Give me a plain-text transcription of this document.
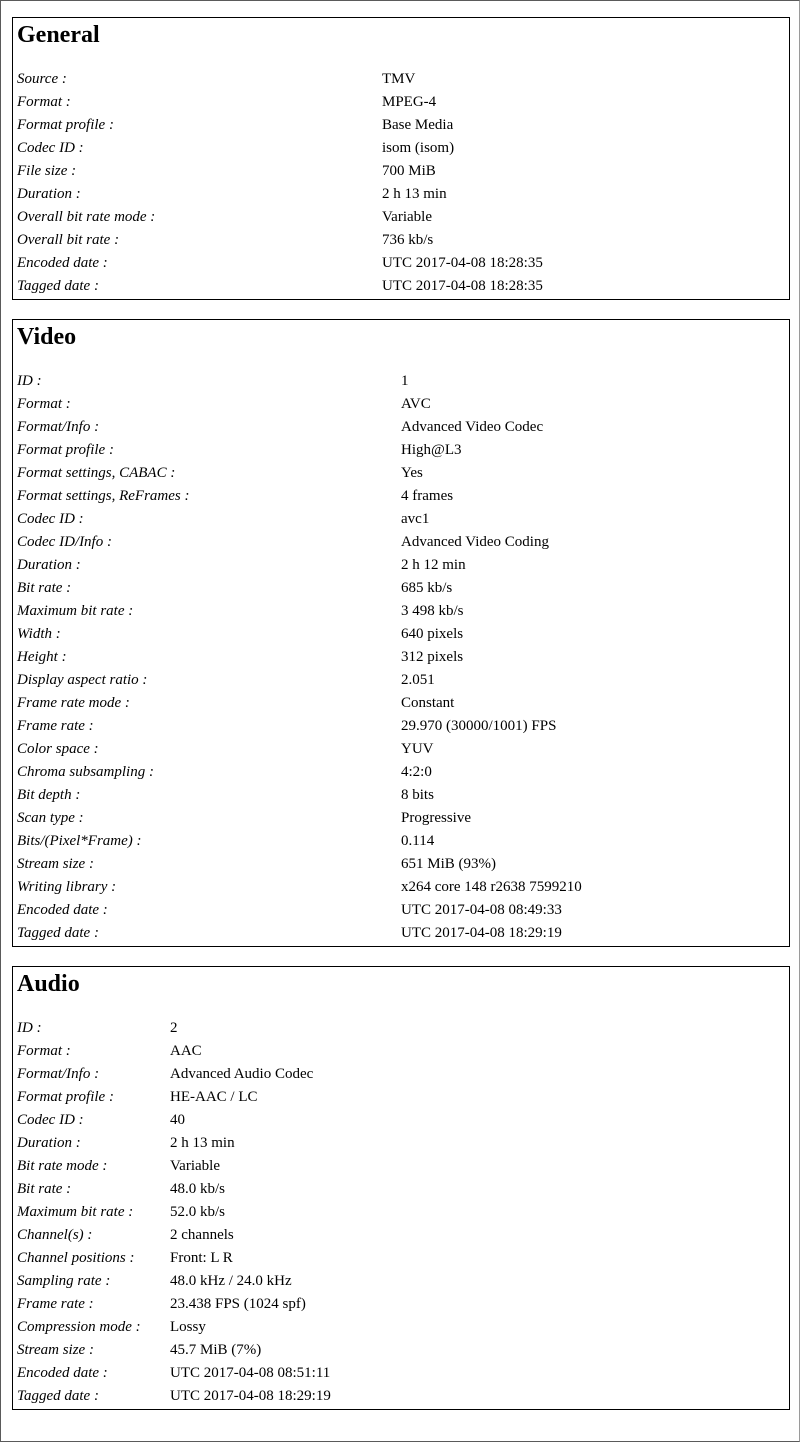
General
Source :	TMV
Format :	MPEG-4
Format profile :	Base Media
Codec ID :	isom (isom)
File size :	700 MiB
Duration :	2 h 13 min
Overall bit rate mode :	Variable
Overall bit rate :	736 kb/s
Encoded date :	UTC 2017-04-08 18:28:35
Tagged date :	UTC 2017-04-08 18:28:35
Video
ID :	1
Format :	AVC
Format/Info :	Advanced Video Codec
Format profile :	High@L3
Format settings, CABAC :	Yes
Format settings, ReFrames :	4 frames
Codec ID :	avc1
Codec ID/Info :	Advanced Video Coding
Duration :	2 h 12 min
Bit rate :	685 kb/s
Maximum bit rate :	3 498 kb/s
Width :	640 pixels
Height :	312 pixels
Display aspect ratio :	2.051
Frame rate mode :	Constant
Frame rate :	29.970 (30000/1001) FPS
Color space :	YUV
Chroma subsampling :	4:2:0
Bit depth :	8 bits
Scan type :	Progressive
Bits/(Pixel*Frame) :	0.114
Stream size :	651 MiB (93%)
Writing library :	x264 core 148 r2638 7599210
Encoded date :	UTC 2017-04-08 08:49:33
Tagged date :	UTC 2017-04-08 18:29:19
Audio
ID :	2
Format :	AAC
Format/Info :	Advanced Audio Codec
Format profile :	HE-AAC / LC
Codec ID :	40
Duration :	2 h 13 min
Bit rate mode :	Variable
Bit rate :	48.0 kb/s
Maximum bit rate : 52.0 kb/s
Channel(s) :	2 channels
Channel positions : Front: L R
Sampling rate :	48.0 kHz / 24.0 kHz
Frame rate :	23.438 FPS (1024 spf)
Compression mode : Lossy
Stream size :	45.7 MiB (7%)
Encoded date :	UTC 2017-04-08 08:51:11
Tagged date :	UTC 2017-04-08 18:29:19
